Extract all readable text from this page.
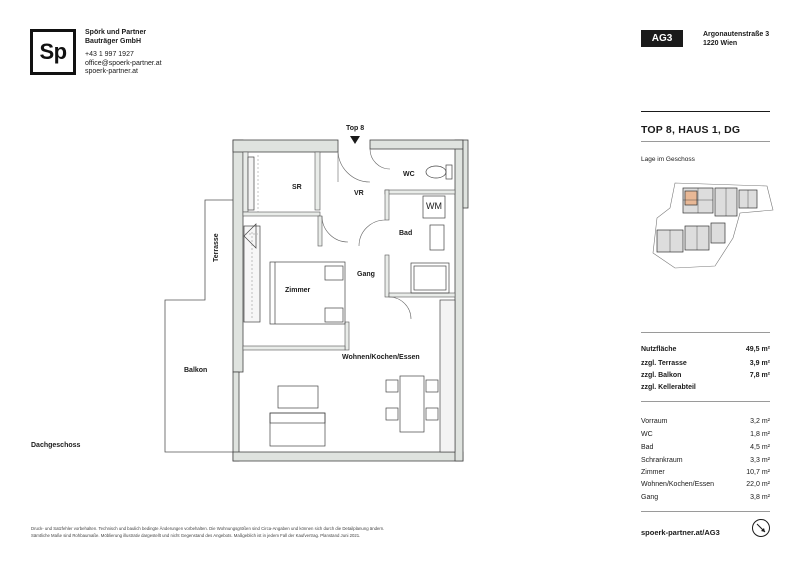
Sp
Spörk und Partner
Bauträger GmbH
+43 1 997 1927
office@spoerk-partner.at
spoerk-partner.at
AG3	Argonautenstraße 3
1220 Wien
TOP 8, HAUS 1, DG
Lage im Geschoss
Nutzfläche	49,5 m²
zzgl. Terrasse	3,9 m²
zzgl. Balkon	7,8 m²
zzgl. Kellerabteil
Vorraum	3,2 m²
WC	1,8 m²
Bad	4,5 m²
Schrankraum	3,3 m²
Zimmer	10,7 m²
Wohnen/Kochen/Essen	22,0 m²
Gang	3,8 m²
Top 8
SR
VR
WC
WM
Bad
Gang
Zimmer
Wohnen/Kochen/Essen
Balkon
Terrasse
Dachgeschoss
Druck- und Satzfehler vorbehalten. Technisch und baulich bedingte Änderungen vorbehalten. Die Wohnungsgrößen sind Circa-Angaben und können sich durch die Detailplanung ändern.
Sämtliche Maße sind Rohbaumaße. Möblierung illustrativ dargestellt und nicht Gegenstand des Angebots. Maßgeblich ist in jedem Fall der Kaufvertrag. Planstand Juni 2021.	spoerk-partner.at/AG3
